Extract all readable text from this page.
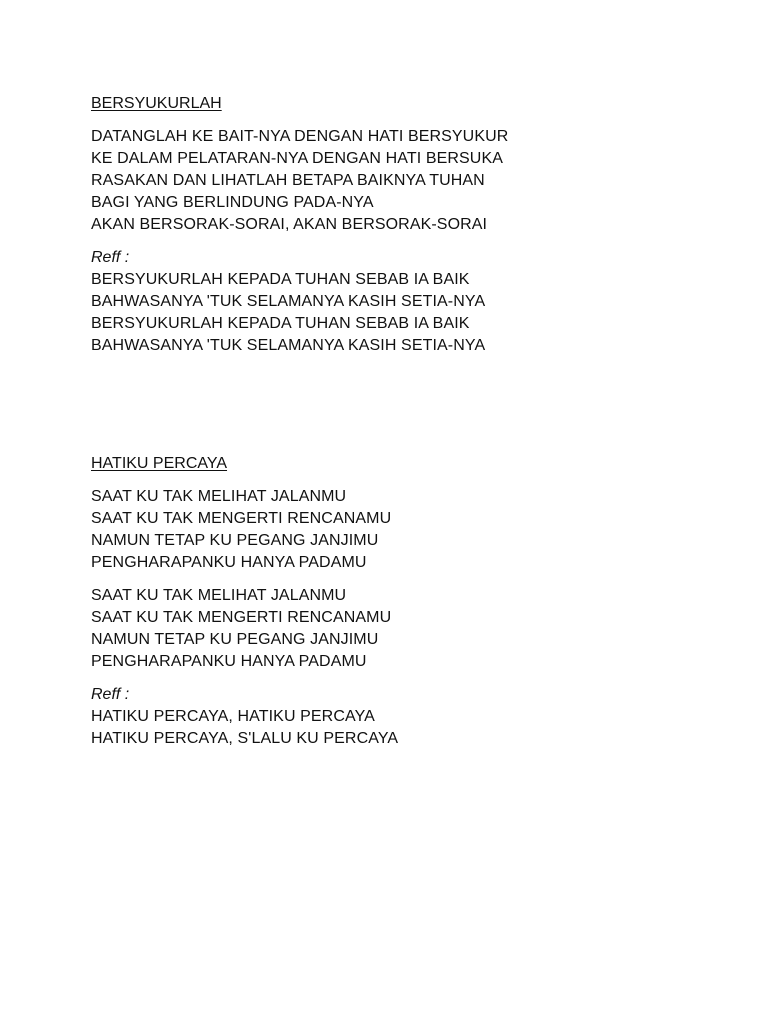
BERSYUKURLAH

DATANGLAH KE BAIT-NYA DENGAN HATI BERSYUKUR

KE DALAM PELATARAN-NYA DENGAN HATI BERSUKA

RASAKAN DAN LIHATLAH BETAPA BAIKNYA TUHAN

BAGI YANG BERLINDUNG PADA-NYA

AKAN BERSORAK-SORAI, AKAN BERSORAK-SORAI

Reff :

BERSYUKURLAH KEPADA TUHAN SEBAB IA BAIK

BAHWASANYA 'TUK SELAMANYA KASIH SETIA-NYA

BERSYUKURLAH KEPADA TUHAN SEBAB IA BAIK

BAHWASANYA 'TUK SELAMANYA KASIH SETIA-NYA

HATIKU PERCAYA

SAAT KU TAK MELIHAT JALANMU

SAAT KU TAK MENGERTI RENCANAMU

NAMUN TETAP KU PEGANG JANJIMU

PENGHARAPANKU HANYA PADAMU

SAAT KU TAK MELIHAT JALANMU

SAAT KU TAK MENGERTI RENCANAMU

NAMUN TETAP KU PEGANG JANJIMU

PENGHARAPANKU HANYA PADAMU

Reff :

HATIKU PERCAYA, HATIKU PERCAYA

HATIKU PERCAYA, S'LALU KU PERCAYA
